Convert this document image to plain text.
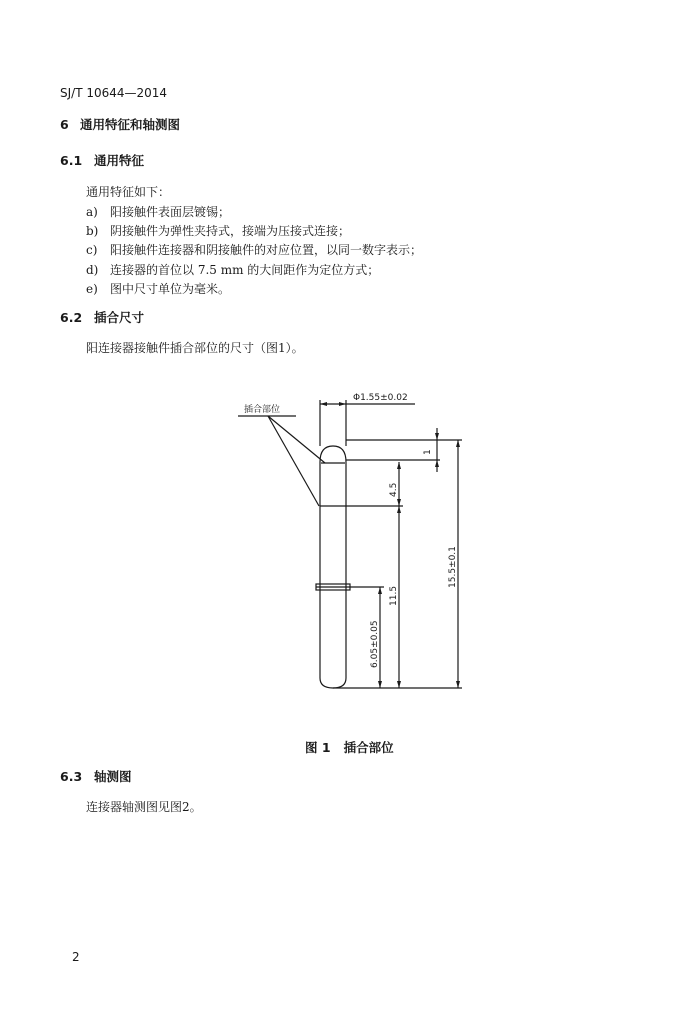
SJ/T 10644—2014
6 通用特征和轴测图
6.1 通用特征
通用特征如下：
a) 阳接触件表面层镀锡；
b) 阴接触件为弹性夹持式，接端为压接式连接；
c) 阳接触件连接器和阴接触件的对应位置，以同一数字表示；
d) 连接器的首位以 7.5 mm 的大间距作为定位方式；
e) 图中尺寸单位为毫米。
6.2 插合尺寸
阳连接器接触件插合部位的尺寸（图1）。
插合部位
Φ1.55±0.02
1
4.5
11.5
15.5±0.1
6.05±0.05
图 1   插合部位
6.3 轴测图
连接器轴测图见图2。
2
